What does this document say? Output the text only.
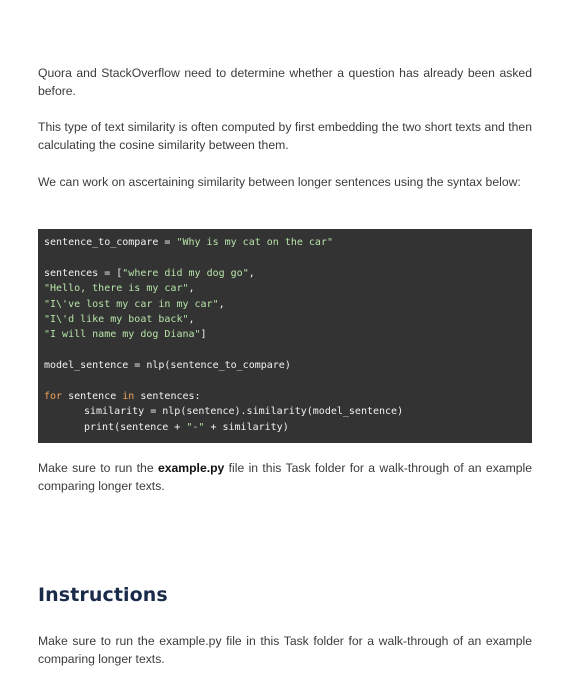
Quora and StackOverflow need to determine whether a question has already been asked before.

This type of text similarity is often computed by first embedding the two short texts and then calculating the cosine similarity between them.

We can work on ascertaining similarity between longer sentences using the syntax below:

sentence_to_compare = "Why is my cat on the car"
sentences = ["where did my dog go",
"Hello, there is my car",
"I\'ve lost my car in my car",
"I\'d like my boat back",
"I will name my dog Diana"]
model_sentence = nlp(sentence_to_compare)
for sentence in sentences:
similarity = nlp(sentence).similarity(model_sentence)
print(sentence + "-" + similarity)

Make sure to run the example.py file in this Task folder for a walk-through of an example comparing longer texts.

Instructions

Make sure to run the example.py file in this Task folder for a walk-through of an example comparing longer texts.
